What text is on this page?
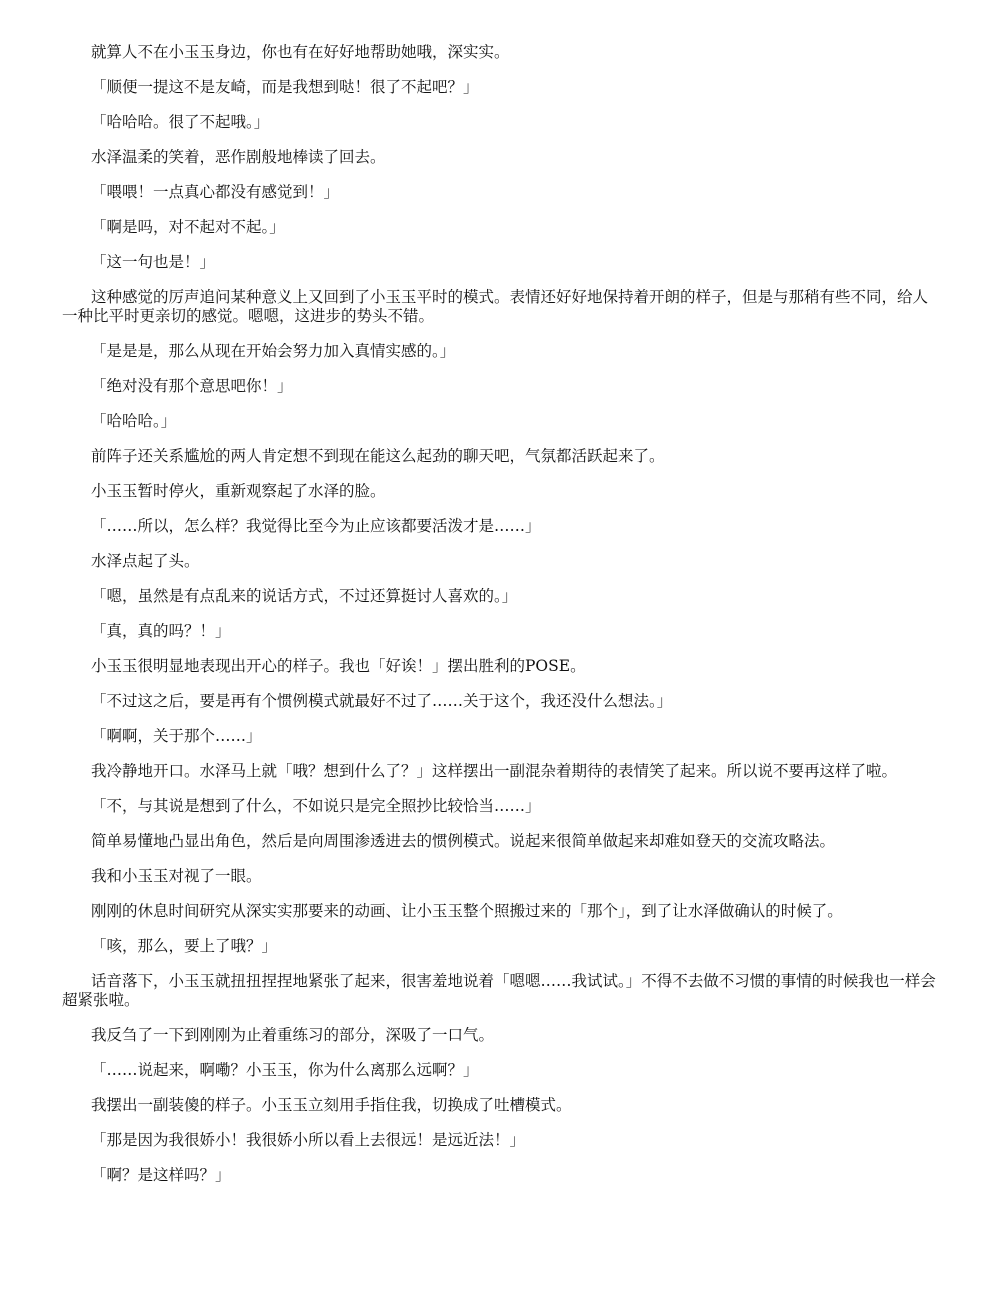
就算人不在小玉玉身边，你也有在好好地帮助她哦，深实实。

「顺便一提这不是友崎，而是我想到哒！很了不起吧？」

「哈哈哈。很了不起哦。」

水泽温柔的笑着，恶作剧般地棒读了回去。

「喂喂！一点真心都没有感觉到！」

「啊是吗，对不起对不起。」

「这一句也是！」

这种感觉的厉声追问某种意义上又回到了小玉玉平时的模式。表情还好好地保持着开朗的样子，但是与那稍有些不同，给人一种比平时更亲切的感觉。嗯嗯，这进步的势头不错。

「是是是，那么从现在开始会努力加入真情实感的。」

「绝对没有那个意思吧你！」

「哈哈哈。」

前阵子还关系尴尬的两人肯定想不到现在能这么起劲的聊天吧，气氛都活跃起来了。

小玉玉暂时停火，重新观察起了水泽的脸。

「……所以，怎么样？我觉得比至今为止应该都要活泼才是……」

水泽点起了头。

「嗯，虽然是有点乱来的说话方式，不过还算挺讨人喜欢的。」

「真，真的吗？！」

小玉玉很明显地表现出开心的样子。我也「好诶！」摆出胜利的POSE。

「不过这之后，要是再有个惯例模式就最好不过了……关于这个，我还没什么想法。」

「啊啊，关于那个……」

我冷静地开口。水泽马上就「哦？想到什么了？」这样摆出一副混杂着期待的表情笑了起来。所以说不要再这样了啦。

「不，与其说是想到了什么，不如说只是完全照抄比较恰当……」

简单易懂地凸显出角色，然后是向周围渗透进去的惯例模式。说起来很简单做起来却难如登天的交流攻略法。

我和小玉玉对视了一眼。

刚刚的休息时间研究从深实实那要来的动画、让小玉玉整个照搬过来的「那个」，到了让水泽做确认的时候了。

「咳，那么，要上了哦？」

话音落下，小玉玉就扭扭捏捏地紧张了起来，很害羞地说着「嗯嗯……我试试。」不得不去做不习惯的事情的时候我也一样会超紧张啦。

我反刍了一下到刚刚为止着重练习的部分，深吸了一口气。

「……说起来，啊嘞？小玉玉，你为什么离那么远啊？」

我摆出一副装傻的样子。小玉玉立刻用手指住我，切换成了吐槽模式。

「那是因为我很娇小！我很娇小所以看上去很远！是远近法！」

「啊？是这样吗？」
